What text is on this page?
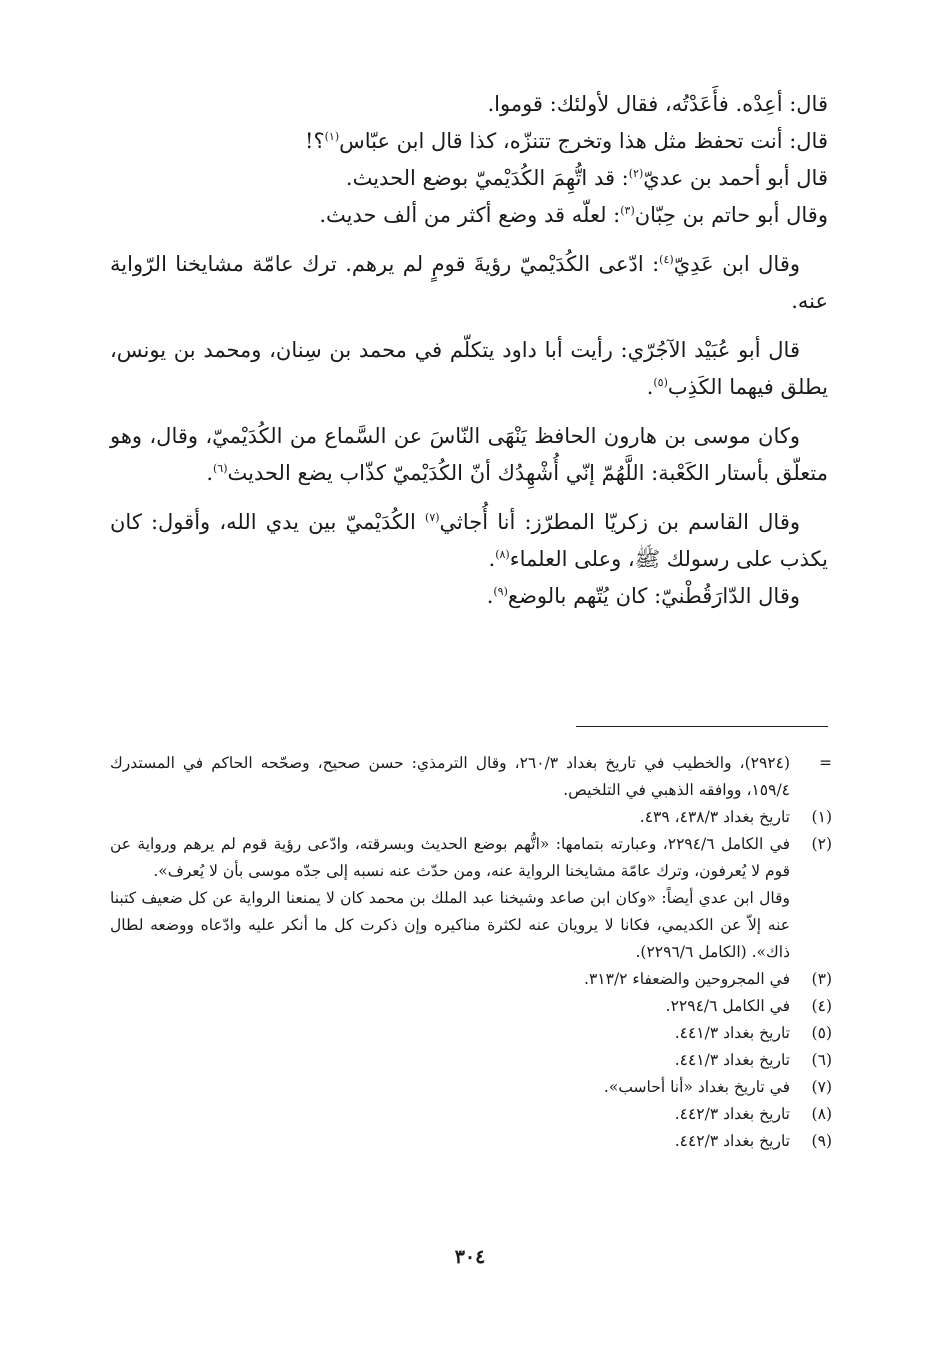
قال: أعِدْه. فأَعَدْتُه، فقال لأولئك: قوموا.

قال: أنت تحفظ مثل هذا وتخرج تتنزّه، كذا قال ابن عبّاس$^{(١)}$؟!

قال أبو أحمد بن عديّ$^{(٢)}$: قد اتُّهِمَ الكُدَيْميّ بوضع الحديث.

وقال أبو حاتم بن حِبّان$^{(٣)}$: لعلّه قد وضع أكثر من ألف حديث.

وقال ابن عَدِيّ$^{(٤)}$: ادّعى الكُدَيْميّ رؤيةَ قومٍ لم يرهم. ترك عامّة مشايخنا الرّواية عنه.

قال أبو عُبَيْد الآجُرّي: رأيت أبا داود يتكلّم في محمد بن سِنان، ومحمد بن يونس، يطلق فيهما الكَذِب$^{(٥)}$.

وكان موسى بن هارون الحافظ يَنْهَى النّاسَ عن السَّماع من الكُدَيْميّ، وقال، وهو متعلّق بأستار الكَعْبة: اللَّهُمّ إنّي أُشْهِدُك أنّ الكُدَيْميّ كذّاب يضع الحديث$^{(٦)}$.

وقال القاسم بن زكريّا المطرّز: أنا أُجاثي$^{(٧)}$ الكُدَيْميّ بين يدي الله، وأقول: كان يكذب على رسولك ﷺ، وعلى العلماء$^{(٨)}$.

وقال الدّارَقُطْنيّ: كان يُتّهم بالوضع$^{(٩)}$.

=
(٢٩٢٤)، والخطيب في تاريخ بغداد ٢٦٠/٣، وقال الترمذي: حسن صحيح، وصحّحه الحاكم في المستدرك ١٥٩/٤، ووافقه الذهبي في التلخيص.
(١)
تاريخ بغداد ٤٣٨/٣، ٤٣٩.
(٢)
في الكامل ٢٢٩٤/٦، وعبارته بتمامها: «اتُّهم بوضع الحديث وبسرقته، وادّعى رؤية قوم لم يرهم ورواية عن قوم لا يُعرفون، وترك عامّة مشايخنا الرواية عنه، ومن حدّث عنه نسبه إلى جدّه موسى بأن لا يُعرف».
وقال ابن عدي أيضاً: «وكان ابن صاعد وشيخنا عبد الملك بن محمد كان لا يمنعنا الرواية عن كل ضعيف كتبنا عنه إلاّ عن الكديمي، فكانا لا يرويان عنه لكثرة مناكيره وإن ذكرت كل ما أنكر عليه وادّعاه ووضعه لطال ذاك». (الكامل ٢٢٩٦/٦).
(٣)
في المجروحين والضعفاء ٣١٣/٢.
(٤)
في الكامل ٢٢٩٤/٦.
(٥)
تاريخ بغداد ٤٤١/٣.
(٦)
تاريخ بغداد ٤٤١/٣.
(٧)
في تاريخ بغداد «أنا أحاسب».
(٨)
تاريخ بغداد ٤٤٢/٣.
(٩)
تاريخ بغداد ٤٤٢/٣.
٣٠٤
